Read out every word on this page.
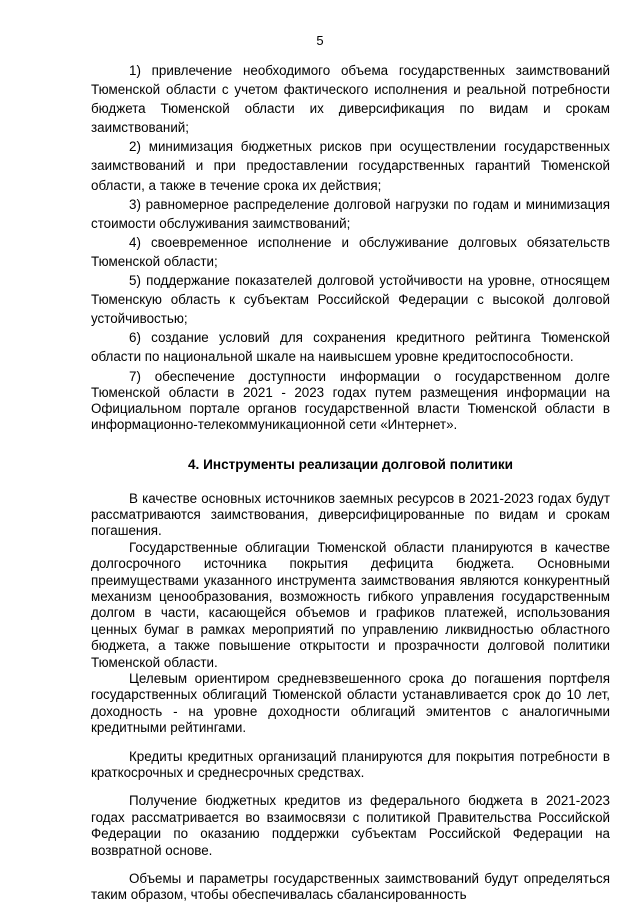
5

1) привлечение необходимого объема государственных заимствований Тюменской области с учетом фактического исполнения и реальной потребности бюджета Тюменской области их диверсификация по видам и срокам заимствований;

2) минимизация бюджетных рисков при осуществлении государственных заимствований и при предоставлении государственных гарантий Тюменской области, а также в течение срока их действия;

3) равномерное распределение долговой нагрузки по годам и минимизация стоимости обслуживания заимствований;

4) своевременное исполнение и обслуживание долговых обязательств Тюменской области;

5) поддержание показателей долговой устойчивости на уровне, относящем Тюменскую область к субъектам Российской Федерации с высокой долговой устойчивостью;

6) создание условий для сохранения кредитного рейтинга Тюменской области по национальной шкале на наивысшем уровне кредитоспособности.

7) обеспечение доступности информации о государственном долге Тюменской области в 2021 - 2023 годах путем размещения информации на Официальном портале органов государственной власти Тюменской области в информационно-телекоммуникационной сети «Интернет».

4. Инструменты реализации долговой политики

В качестве основных источников заемных ресурсов в 2021-2023 годах будут рассматриваются заимствования, диверсифицированные по видам и срокам погашения.

Государственные облигации Тюменской области планируются в качестве долгосрочного источника покрытия дефицита бюджета. Основными преимуществами указанного инструмента заимствования являются конкурентный механизм ценообразования, возможность гибкого управления государственным долгом в части, касающейся объемов и графиков платежей, использования ценных бумаг в рамках мероприятий по управлению ликвидностью областного бюджета, а также повышение открытости и прозрачности долговой политики Тюменской области.

Целевым ориентиром средневзвешенного срока до погашения портфеля государственных облигаций Тюменской области устанавливается срок до 10 лет, доходность - на уровне доходности облигаций эмитентов с аналогичными кредитными рейтингами.

Кредиты кредитных организаций планируются для покрытия потребности в краткосрочных и среднесрочных средствах.

Получение бюджетных кредитов из федерального бюджета в 2021-2023 годах рассматривается во взаимосвязи с политикой Правительства Российской Федерации по оказанию поддержки субъектам Российской Федерации на возвратной основе.

Объемы и параметры государственных заимствований будут определяться таким образом, чтобы обеспечивалась сбалансированность
